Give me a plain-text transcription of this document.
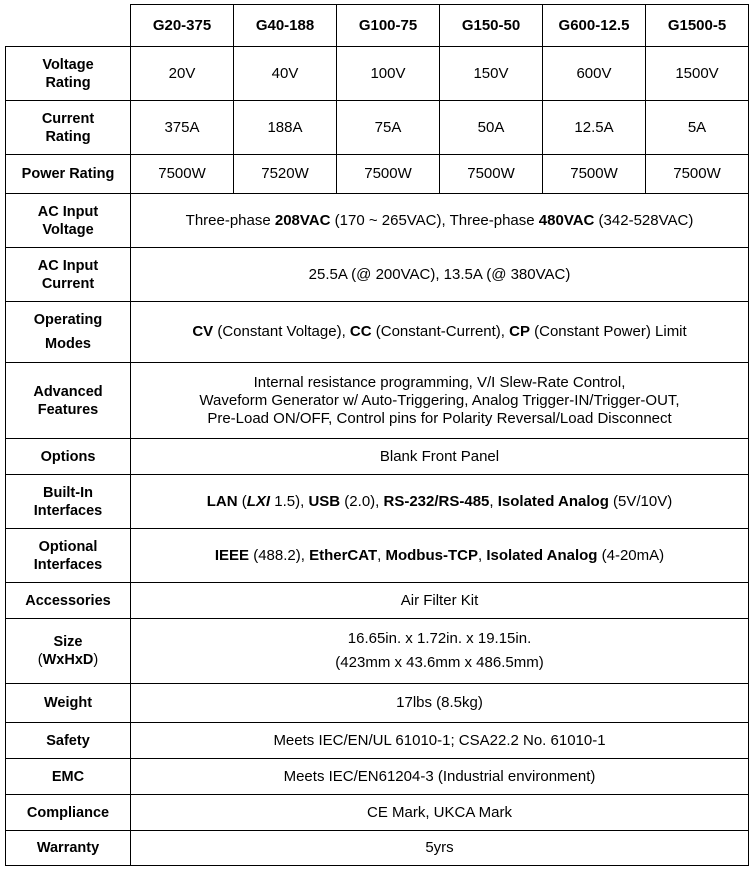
	G20-375	G40-188	G100-75	G150-50	G600-12.5	G1500-5

Voltage
Rating	20V	40V	100V	150V	600V	1500V

Current
Rating	375A	188A	75A	50A	12.5A	5A
Power Rating	7500W	7520W	7500W	7500W	7500W	7500W

AC Input
Voltage	Three-phase 208VAC (170 ~ 265VAC), Three-phase 480VAC (342-528VAC)					

AC Input
Current	25.5A (@ 200VAC), 13.5A (@ 380VAC)					

Operating
Modes	CV (Constant Voltage), CC (Constant-Current), CP (Constant Power) Limit					

Advanced
Features	Internal resistance programming, V/I Slew-Rate Control,
Waveform Generator w/ Auto-Triggering, Analog Trigger-IN/Trigger-OUT,
Pre-Load ON/OFF, Control pins for Polarity Reversal/Load Disconnect					

Options	Blank Front Panel					

Built-In
Interfaces	LAN (LXI 1.5), USB (2.0), RS-232/RS-485, Isolated Analog (5V/10V)					

Optional
Interfaces	IEEE (488.2), EtherCAT, Modbus-TCP, Isolated Analog (4-20mA)					
Accessories	Air Filter Kit					

Size
(WxHxD)	16.65in. x 1.72in. x 19.15in.
(423mm x 43.6mm x 486.5mm)					

Weight	17lbs (8.5kg)					
Safety	Meets IEC/EN/UL 61010-1; CSA22.2 No. 61010-1					
EMC	Meets IEC/EN61204-3 (Industrial environment)					
Compliance	CE Mark, UKCA Mark					
Warranty	5yrs					
